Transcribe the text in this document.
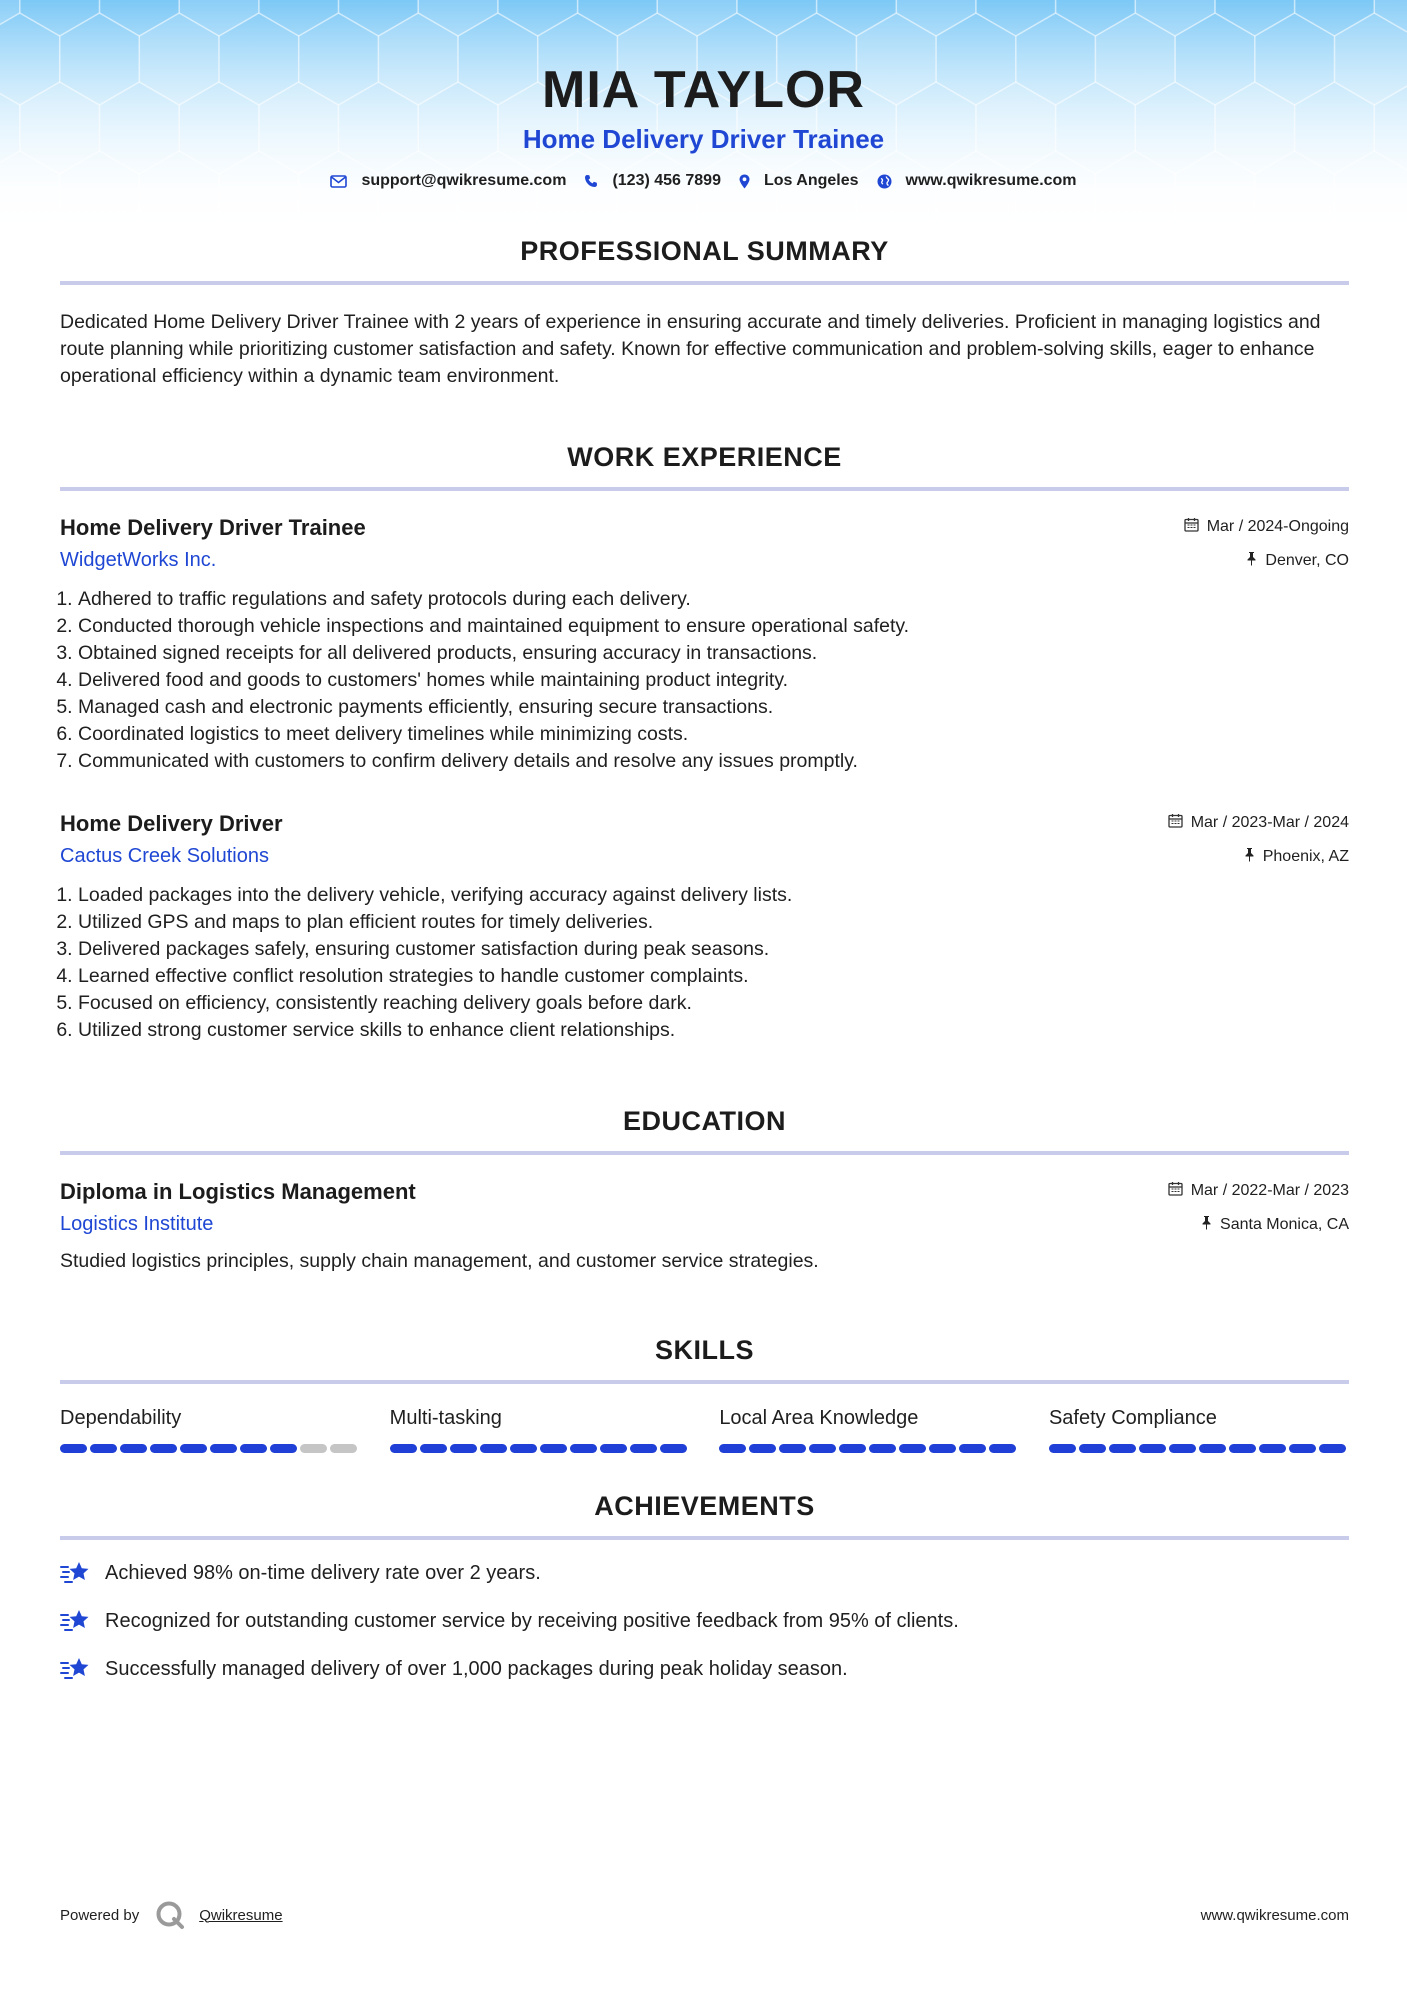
MIA TAYLOR
Home Delivery Driver Trainee
support@qwikresume.com	(123) 456 7899	Los Angeles	www.qwikresume.com
PROFESSIONAL SUMMARY

Dedicated Home Delivery Driver Trainee with 2 years of experience in ensuring accurate and timely deliveries. Proficient in managing logistics and route planning while prioritizing customer satisfaction and safety. Known for effective communication and problem-solving skills, eager to enhance operational efficiency within a dynamic team environment.

WORK EXPERIENCE
Home Delivery Driver Trainee	Mar / 2024-Ongoing
WidgetWorks Inc.	Denver, CO
1. Adhered to traffic regulations and safety protocols during each delivery.
2. Conducted thorough vehicle inspections and maintained equipment to ensure operational safety.
3. Obtained signed receipts for all delivered products, ensuring accuracy in transactions.
4. Delivered food and goods to customers' homes while maintaining product integrity.
5. Managed cash and electronic payments efficiently, ensuring secure transactions.
6. Coordinated logistics to meet delivery timelines while minimizing costs.
7. Communicated with customers to confirm delivery details and resolve any issues promptly.
Home Delivery Driver	Mar / 2023-Mar / 2024
Cactus Creek Solutions	Phoenix, AZ
1. Loaded packages into the delivery vehicle, verifying accuracy against delivery lists.
2. Utilized GPS and maps to plan efficient routes for timely deliveries.
3. Delivered packages safely, ensuring customer satisfaction during peak seasons.
4. Learned effective conflict resolution strategies to handle customer complaints.
5. Focused on efficiency, consistently reaching delivery goals before dark.
6. Utilized strong customer service skills to enhance client relationships.
EDUCATION
Diploma in Logistics Management	Mar / 2022-Mar / 2023
Logistics Institute	Santa Monica, CA

Studied logistics principles, supply chain management, and customer service strategies.

SKILLS
Dependability	Multi-tasking	Local Area Knowledge	Safety Compliance
ACHIEVEMENTS
Achieved 98% on-time delivery rate over 2 years.
Recognized for outstanding customer service by receiving positive feedback from 95% of clients.
Successfully managed delivery of over 1,000 packages during peak holiday season.
Powered by	Qwikresume	www.qwikresume.com
